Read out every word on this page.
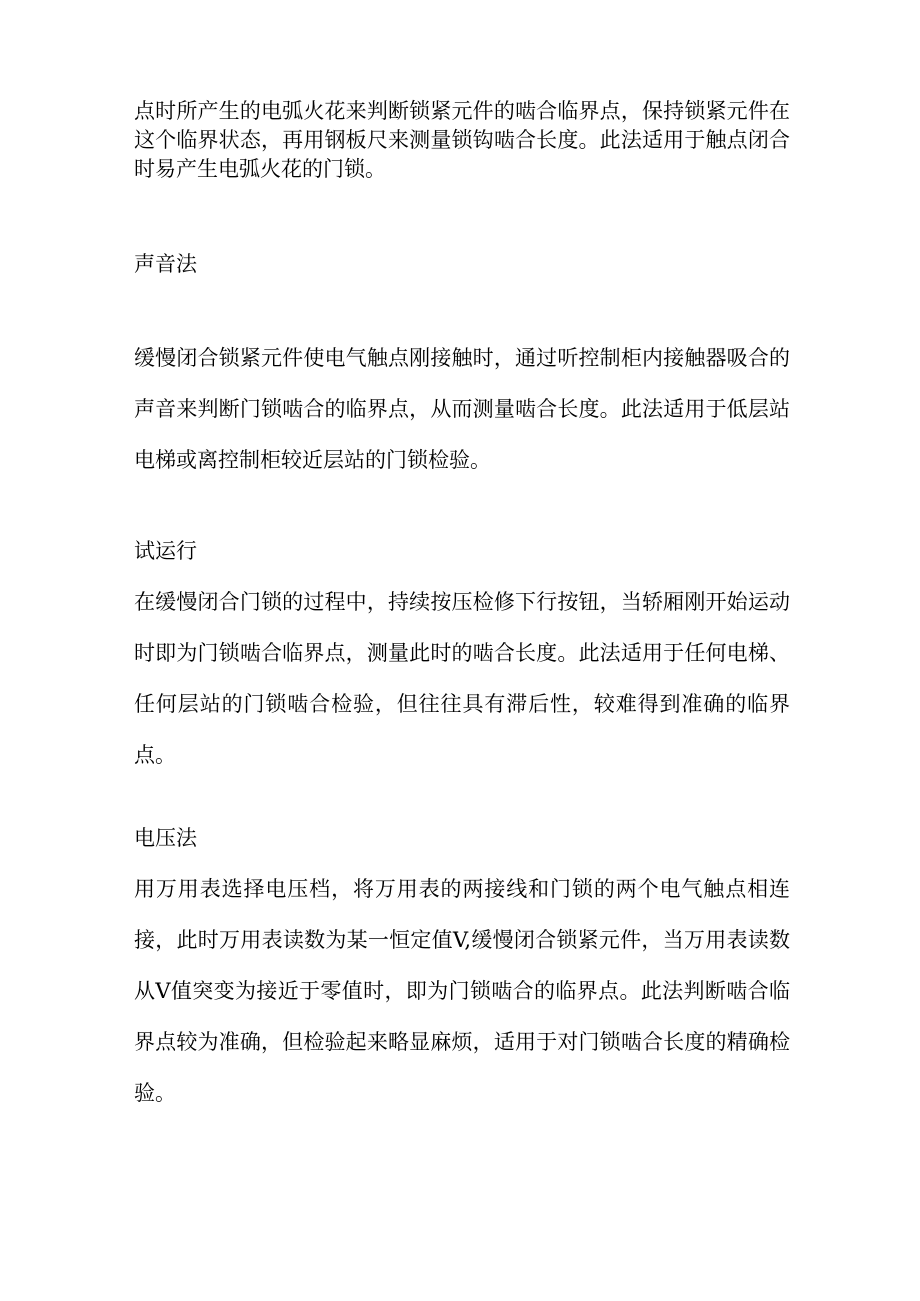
点时所产生的电弧火花来判断锁紧元件的啮合临界点，保持锁紧元件在这个临界状态，再用钢板尺来测量锁钩啮合长度。此法适用于触点闭合时易产生电弧火花的门锁。

声音法

缓慢闭合锁紧元件使电气触点刚接触时，通过听控制柜内接触器吸合的声音来判断门锁啮合的临界点，从而测量啮合长度。此法适用于低层站电梯或离控制柜较近层站的门锁检验。

试运行

在缓慢闭合门锁的过程中，持续按压检修下行按钮，当轿厢刚开始运动时即为门锁啮合临界点，测量此时的啮合长度。此法适用于任何电梯、任何层站的门锁啮合检验，但往往具有滞后性，较难得到准确的临界点。

电压法

用万用表选择电压档，将万用表的两接线和门锁的两个电气触点相连接，此时万用表读数为某一恒定值V,缓慢闭合锁紧元件，当万用表读数从V值突变为接近于零值时，即为门锁啮合的临界点。此法判断啮合临界点较为准确，但检验起来略显麻烦，适用于对门锁啮合长度的精确检验。
